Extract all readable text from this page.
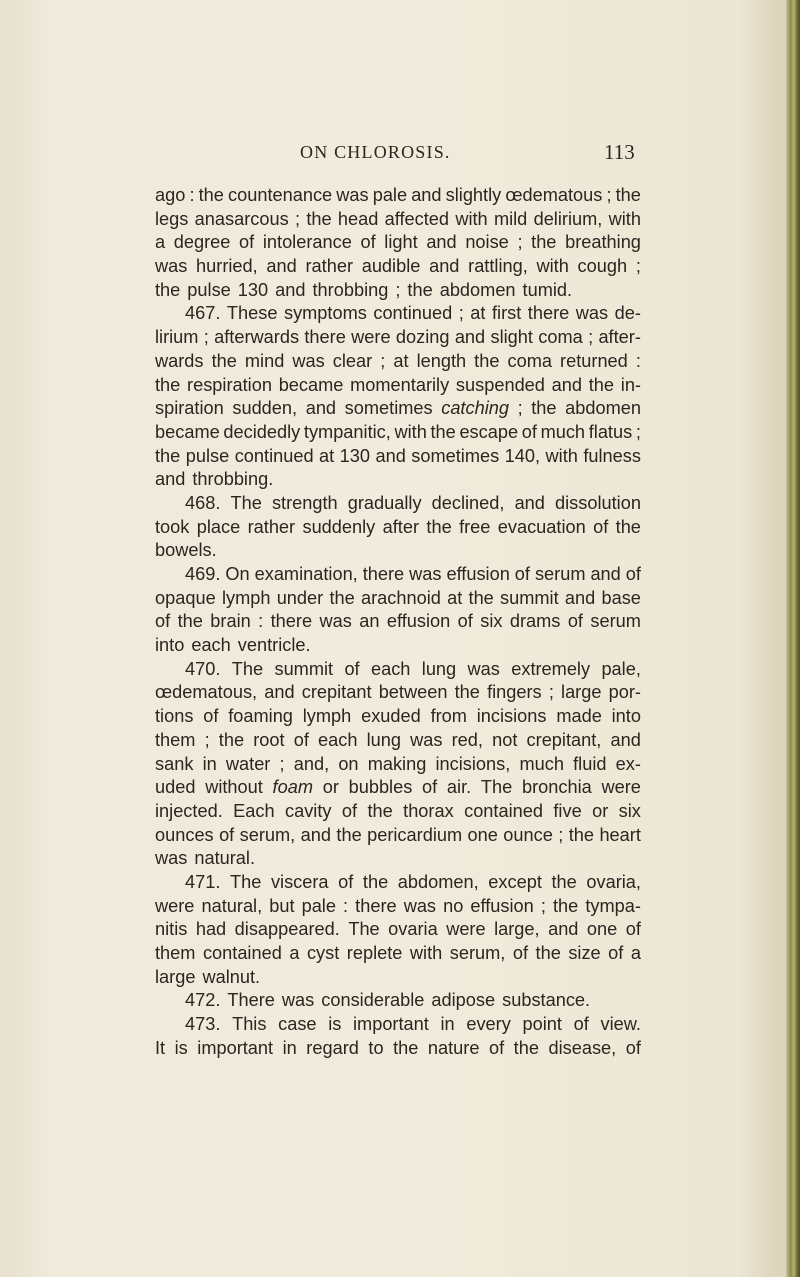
ON CHLOROSIS.	113
ago : the countenance was pale and slightly œdematous ; the
legs anasarcous ; the head affected with mild delirium, with
a degree of intolerance of light and noise ; the breathing
was hurried, and rather audible and rattling, with cough ;
the pulse 130 and throbbing ; the abdomen tumid.
467. These symptoms continued ; at first there was de-
lirium ; afterwards there were dozing and slight coma ; after-
wards the mind was clear ; at length the coma returned :
the respiration became momentarily suspended and the in-
spiration sudden, and sometimes catching ; the abdomen
became decidedly tympanitic, with the escape of much flatus ;
the pulse continued at 130 and sometimes 140, with fulness
and throbbing.
468. The strength gradually declined, and dissolution
took place rather suddenly after the free evacuation of the
bowels.
469. On examination, there was effusion of serum and of
opaque lymph under the arachnoid at the summit and base
of the brain : there was an effusion of six drams of serum
into each ventricle.
470. The summit of each lung was extremely pale,
œdematous, and crepitant between the fingers ; large por-
tions of foaming lymph exuded from incisions made into
them ; the root of each lung was red, not crepitant, and
sank in water ; and, on making incisions, much fluid ex-
uded without foam or bubbles of air. The bronchia were
injected. Each cavity of the thorax contained five or six
ounces of serum, and the pericardium one ounce ; the heart
was natural.
471. The viscera of the abdomen, except the ovaria,
were natural, but pale : there was no effusion ; the tympa-
nitis had disappeared. The ovaria were large, and one of
them contained a cyst replete with serum, of the size of a
large walnut.
472. There was considerable adipose substance.
473. This case is important in every point of view.
It is important in regard to the nature of the disease, of
